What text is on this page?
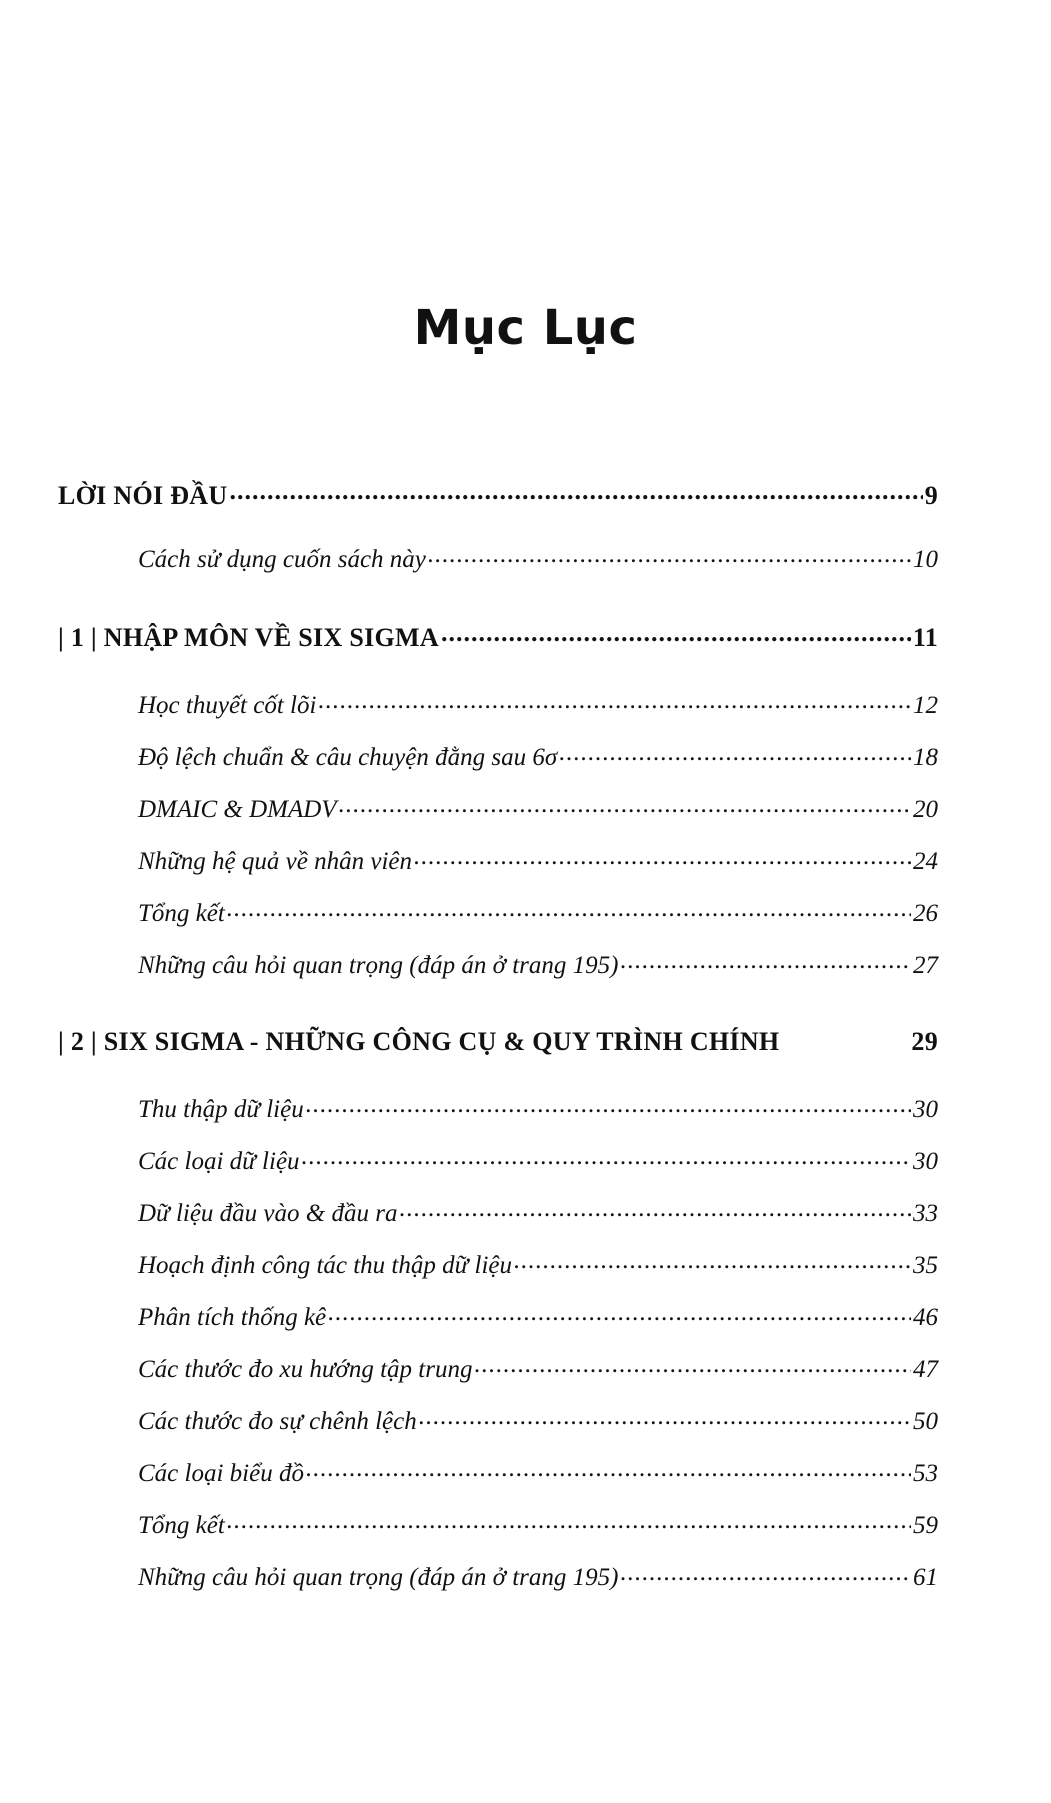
Mục Lục
LỜI NÓI ĐẦU .....	9
Cách sử dụng cuốn sách này .....	10
| 1 | NHẬP MÔN VỀ SIX SIGMA .....	11
Học thuyết cốt lõi .....	12
Độ lệch chuẩn & câu chuyện đằng sau 6σ .....	18
DMAIC & DMADV .....	20
Những hệ quả về nhân viên .....	24
Tổng kết .....	26
Những câu hỏi quan trọng (đáp án ở trang 195) .....	27
| 2 | SIX SIGMA - NHỮNG CÔNG CỤ & QUY TRÌNH CHÍNH	29
Thu thập dữ liệu .....	30
Các loại dữ liệu .....	30
Dữ liệu đầu vào & đầu ra .....	33
Hoạch định công tác thu thập dữ liệu .....	35
Phân tích thống kê .....	46
Các thước đo xu hướng tập trung .....	47
Các thước đo sự chênh lệch .....	50
Các loại biểu đồ .....	53
Tổng kết .....	59
Những câu hỏi quan trọng (đáp án ở trang 195) .....	61
